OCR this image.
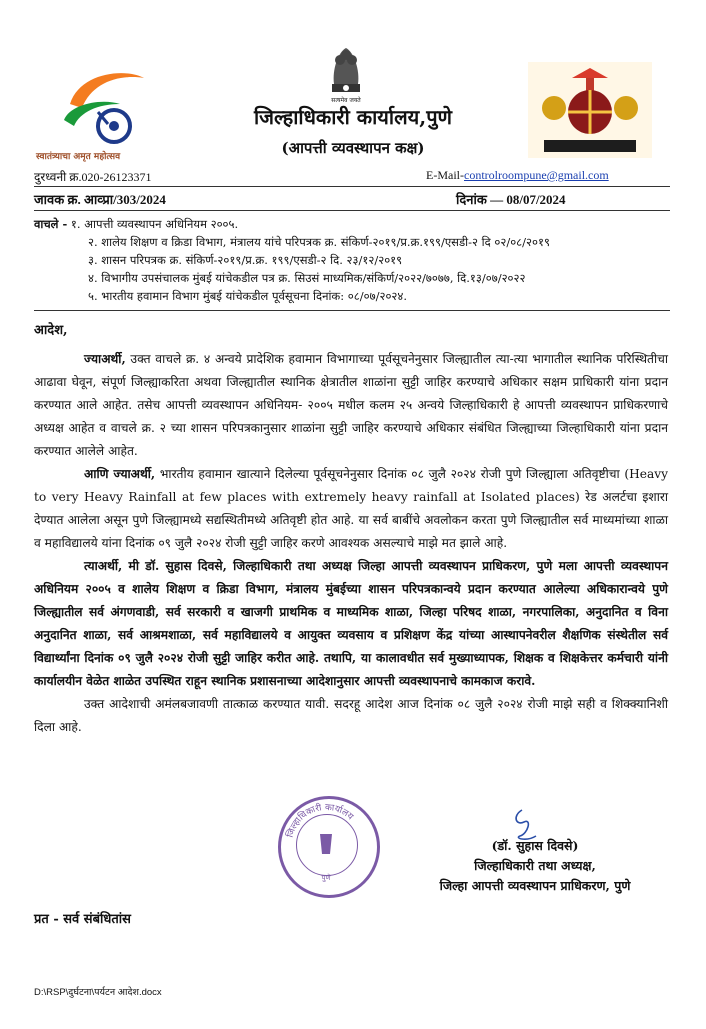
स्वातंत्र्याचा अमृत महोत्सव
सत्यमेव जयते
जिल्हाधिकारी कार्यालय,पुणे
(आपत्ती व्यवस्थापन कक्ष)
दुरध्वनी क्र.020-26123371	E-Mail-controlroompune@gmail.com
जावक क्र. आव्प्रा/303/2024	दिनांक — 08/07/2024
वाचले - १. आपत्ती व्यवस्थापन अधिनियम २००५.
२. शालेय शिक्षण व क्रिडा विभाग, मंत्रालय यांचे परिपत्रक क्र. संकिर्ण-२०१९/प्र.क्र.१९९/एसडी-२ दि ०२/०८/२०१९
३. शासन परिपत्रक क्र. संकिर्ण-२०१९/प्र.क्र. १९९/एसडी-२ दि. २३/१२/२०१९
४. विभागीय उपसंचालक मुंबई यांचेकडील पत्र क्र. सिउसं माध्यमिक/संकिर्ण/२०२२/७०७७, दि.१३/०७/२०२२
५. भारतीय हवामान विभाग मुंबई यांचेकडील पूर्वसूचना दिनांक: ०८/०७/२०२४.
आदेश,

ज्याअर्थी, उक्त वाचले क्र. ४ अन्वये प्रादेशिक हवामान विभागाच्या पूर्वसूचनेनुसार जिल्ह्यातील त्या-त्या भागातील स्थानिक परिस्थितीचा आढावा घेवून, संपूर्ण जिल्ह्याकरिता अथवा जिल्ह्यातील स्थानिक क्षेत्रातील शाळांना सुट्टी जाहिर करण्याचे अधिकार सक्षम प्राधिकारी यांना प्रदान करण्यात आले आहेत. तसेच आपत्ती व्यवस्थापन अधिनियम- २००५ मधील कलम २५ अन्वये जिल्हाधिकारी हे आपत्ती व्यवस्थापन प्राधिकरणाचे अध्यक्ष आहेत व वाचले क्र. २ च्या शासन परिपत्रकानुसार शाळांना सुट्टी जाहिर करण्याचे अधिकार संबंधित जिल्ह्याच्या जिल्हाधिकारी यांना प्रदान करण्यात आलेले आहेत.

आणि ज्याअर्थी, भारतीय हवामान खात्याने दिलेल्या पूर्वसूचनेनुसार दिनांक ०८ जुलै २०२४ रोजी पुणे जिल्ह्याला अतिवृष्टीचा (Heavy to very Heavy Rainfall at few places with extremely heavy rainfall at Isolated places) रेड अलर्टचा इशारा देण्यात आलेला असून पुणे जिल्ह्यामध्ये सद्यस्थितीमध्ये अतिवृष्टी होत आहे. या सर्व बाबींचे अवलोकन करता पुणे जिल्ह्यातील सर्व माध्यमांच्या शाळा व महाविद्यालये यांना दिनांक ०९ जुलै २०२४ रोजी सुट्टी जाहिर करणे आवश्यक असल्याचे माझे मत झाले आहे.

त्याअर्थी, मी डॉ. सुहास दिवसे, जिल्हाधिकारी तथा अध्यक्ष जिल्हा आपत्ती व्यवस्थापन प्राधिकरण, पुणे मला आपत्ती व्यवस्थापन अधिनियम २००५ व शालेय शिक्षण व क्रिडा विभाग, मंत्रालय मुंबईच्या शासन परिपत्रकान्वये प्रदान करण्यात आलेल्या अधिकारान्वये पुणे जिल्ह्यातील सर्व अंगणवाडी, सर्व सरकारी व खाजगी प्राथमिक व माध्यमिक शाळा, जिल्हा परिषद शाळा, नगरपालिका, अनुदानित व विना अनुदानित शाळा, सर्व आश्रमशाळा, सर्व महाविद्यालये व आयुक्त व्यवसाय व प्रशिक्षण केंद्र यांच्या आस्थापनेवरील शैक्षणिक संस्थेतील सर्व विद्यार्थ्यांना दिनांक ०९ जुलै २०२४ रोजी सुट्टी जाहिर करीत आहे. तथापि, या कालावधीत सर्व मुख्याध्यापक, शिक्षक व शिक्षकेत्तर कर्मचारी यांनी कार्यालयीन वेळेत शाळेत उपस्थित राहून स्थानिक प्रशासनाच्या आदेशानुसार आपत्ती व्यवस्थापनाचे कामकाज करावे.

उक्त आदेशाची अमंलबजावणी तात्काळ करण्यात यावी. सदरहू आदेश आज दिनांक ०८ जुलै २०२४ रोजी माझे सही व शिक्क्यानिशी दिला आहे.

जिल्हाधिकारी कार्यालय
पुणे
(डॉ. सुहास दिवसे)
जिल्हाधिकारी तथा अध्यक्ष,
जिल्हा आपत्ती व्यवस्थापन प्राधिकरण, पुणे
प्रत - सर्व संबंधितांस
D:\RSP\दुर्घटना\पर्यटन आदेश.docx
